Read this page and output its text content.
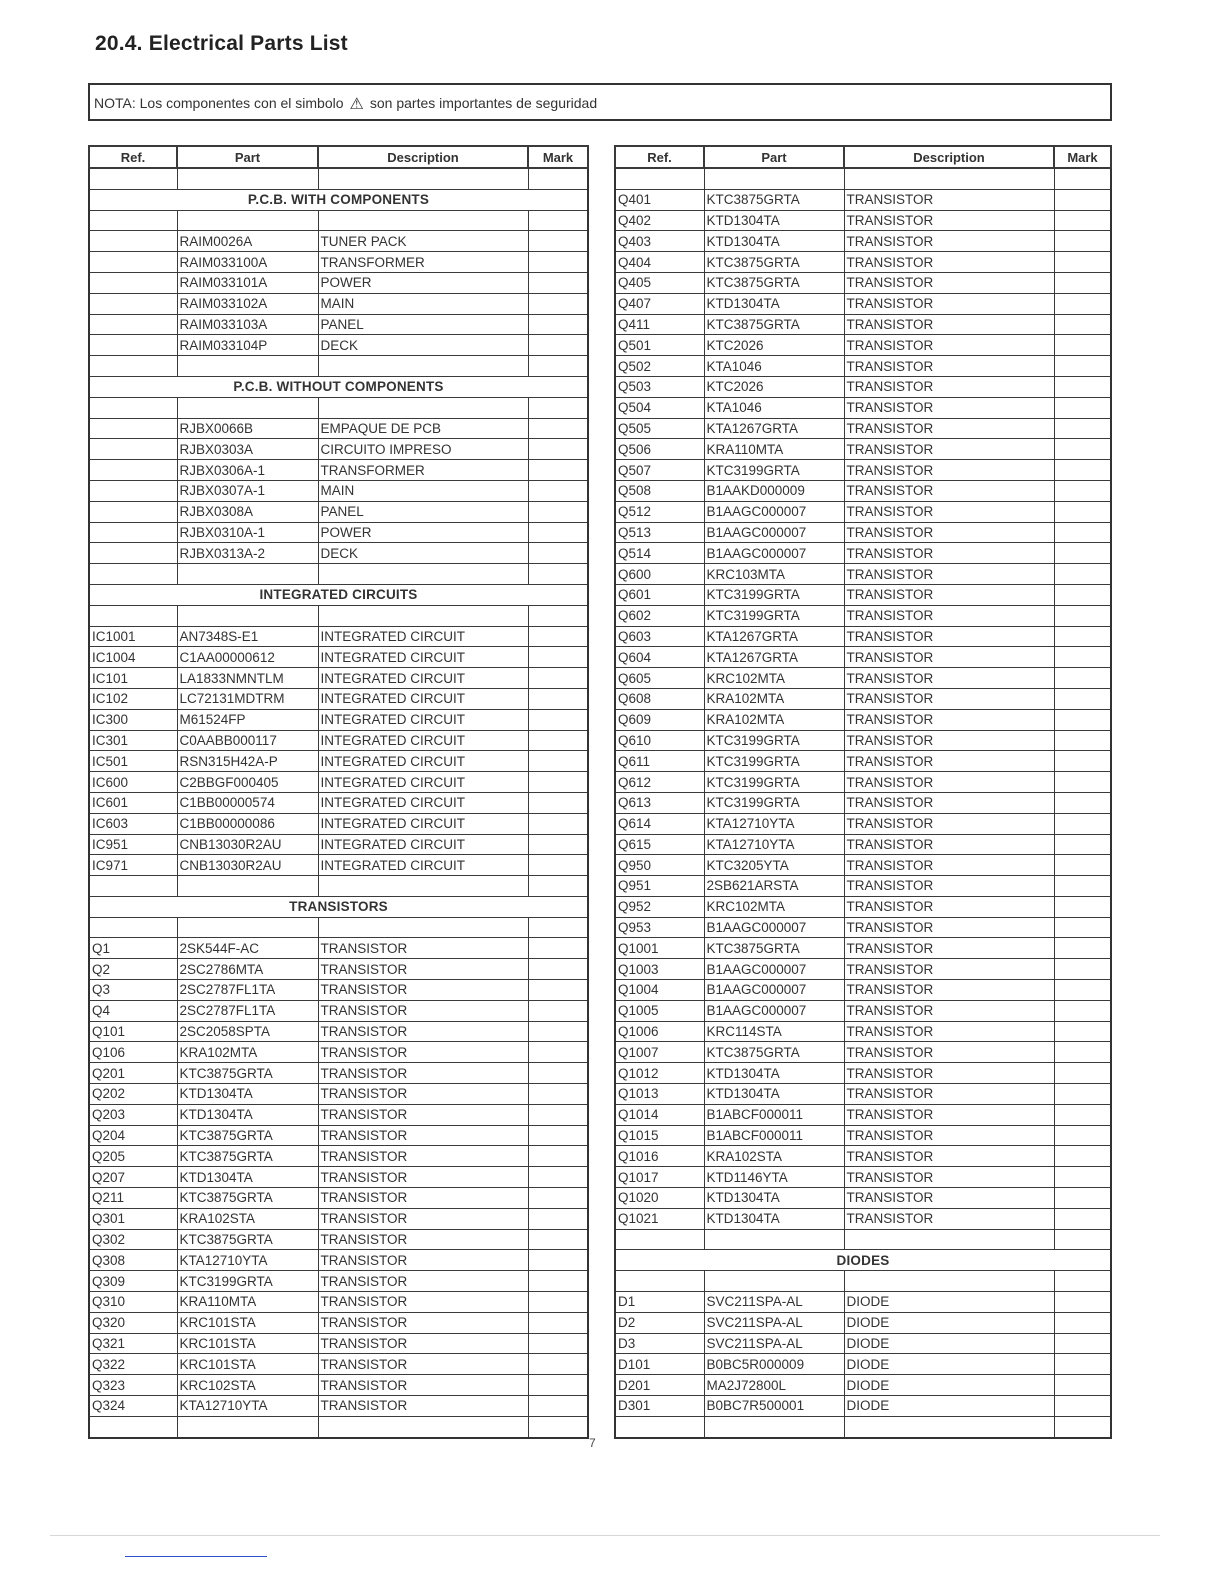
20.4. Electrical Parts List
NOTA: Los componentes con el simbolo ⚠ son partes importantes de seguridad
Ref.	Part	Description	Mark

P.C.B. WITH COMPONENTS			

	RAIM0026A	TUNER PACK	
	RAIM033100A	TRANSFORMER	
	RAIM033101A	POWER	
	RAIM033102A	MAIN	
	RAIM033103A	PANEL	
	RAIM033104P	DECK	

P.C.B. WITHOUT COMPONENTS			

	RJBX0066B	EMPAQUE DE PCB	
	RJBX0303A	CIRCUITO IMPRESO	
	RJBX0306A-1	TRANSFORMER	
	RJBX0307A-1	MAIN	
	RJBX0308A	PANEL	
	RJBX0310A-1	POWER	
	RJBX0313A-2	DECK	

INTEGRATED CIRCUITS			

IC1001	AN7348S-E1	INTEGRATED CIRCUIT	
IC1004	C1AA00000612	INTEGRATED CIRCUIT	
IC101	LA1833NMNTLM	INTEGRATED CIRCUIT	
IC102	LC72131MDTRM	INTEGRATED CIRCUIT	
IC300	M61524FP	INTEGRATED CIRCUIT	
IC301	C0AABB000117	INTEGRATED CIRCUIT	
IC501	RSN315H42A-P	INTEGRATED CIRCUIT	
IC600	C2BBGF000405	INTEGRATED CIRCUIT	
IC601	C1BB00000574	INTEGRATED CIRCUIT	
IC603	C1BB00000086	INTEGRATED CIRCUIT	
IC951	CNB13030R2AU	INTEGRATED CIRCUIT	
IC971	CNB13030R2AU	INTEGRATED CIRCUIT	

TRANSISTORS			

Q1	2SK544F-AC	TRANSISTOR	
Q2	2SC2786MTA	TRANSISTOR	
Q3	2SC2787FL1TA	TRANSISTOR	
Q4	2SC2787FL1TA	TRANSISTOR	
Q101	2SC2058SPTA	TRANSISTOR	
Q106	KRA102MTA	TRANSISTOR	
Q201	KTC3875GRTA	TRANSISTOR	
Q202	KTD1304TA	TRANSISTOR	
Q203	KTD1304TA	TRANSISTOR	
Q204	KTC3875GRTA	TRANSISTOR	
Q205	KTC3875GRTA	TRANSISTOR	
Q207	KTD1304TA	TRANSISTOR	
Q211	KTC3875GRTA	TRANSISTOR	
Q301	KRA102STA	TRANSISTOR	
Q302	KTC3875GRTA	TRANSISTOR	
Q308	KTA12710YTA	TRANSISTOR	
Q309	KTC3199GRTA	TRANSISTOR	
Q310	KRA110MTA	TRANSISTOR	
Q320	KRC101STA	TRANSISTOR	
Q321	KRC101STA	TRANSISTOR	
Q322	KRC101STA	TRANSISTOR	
Q323	KRC102STA	TRANSISTOR	
Q324	KTA12710YTA	TRANSISTOR	

Ref.	Part	Description	Mark

Q401	KTC3875GRTA	TRANSISTOR	
Q402	KTD1304TA	TRANSISTOR	
Q403	KTD1304TA	TRANSISTOR	
Q404	KTC3875GRTA	TRANSISTOR	
Q405	KTC3875GRTA	TRANSISTOR	
Q407	KTD1304TA	TRANSISTOR	
Q411	KTC3875GRTA	TRANSISTOR	
Q501	KTC2026	TRANSISTOR	
Q502	KTA1046	TRANSISTOR	
Q503	KTC2026	TRANSISTOR	
Q504	KTA1046	TRANSISTOR	
Q505	KTA1267GRTA	TRANSISTOR	
Q506	KRA110MTA	TRANSISTOR	
Q507	KTC3199GRTA	TRANSISTOR	
Q508	B1AAKD000009	TRANSISTOR	
Q512	B1AAGC000007	TRANSISTOR	
Q513	B1AAGC000007	TRANSISTOR	
Q514	B1AAGC000007	TRANSISTOR	
Q600	KRC103MTA	TRANSISTOR	
Q601	KTC3199GRTA	TRANSISTOR	
Q602	KTC3199GRTA	TRANSISTOR	
Q603	KTA1267GRTA	TRANSISTOR	
Q604	KTA1267GRTA	TRANSISTOR	
Q605	KRC102MTA	TRANSISTOR	
Q608	KRA102MTA	TRANSISTOR	
Q609	KRA102MTA	TRANSISTOR	
Q610	KTC3199GRTA	TRANSISTOR	
Q611	KTC3199GRTA	TRANSISTOR	
Q612	KTC3199GRTA	TRANSISTOR	
Q613	KTC3199GRTA	TRANSISTOR	
Q614	KTA12710YTA	TRANSISTOR	
Q615	KTA12710YTA	TRANSISTOR	
Q950	KTC3205YTA	TRANSISTOR	
Q951	2SB621ARSTA	TRANSISTOR	
Q952	KRC102MTA	TRANSISTOR	
Q953	B1AAGC000007	TRANSISTOR	
Q1001	KTC3875GRTA	TRANSISTOR	
Q1003	B1AAGC000007	TRANSISTOR	
Q1004	B1AAGC000007	TRANSISTOR	
Q1005	B1AAGC000007	TRANSISTOR	
Q1006	KRC114STA	TRANSISTOR	
Q1007	KTC3875GRTA	TRANSISTOR	
Q1012	KTD1304TA	TRANSISTOR	
Q1013	KTD1304TA	TRANSISTOR	
Q1014	B1ABCF000011	TRANSISTOR	
Q1015	B1ABCF000011	TRANSISTOR	
Q1016	KRA102STA	TRANSISTOR	
Q1017	KTD1146YTA	TRANSISTOR	
Q1020	KTD1304TA	TRANSISTOR	
Q1021	KTD1304TA	TRANSISTOR	

DIODES			

D1	SVC211SPA-AL	DIODE	
D2	SVC211SPA-AL	DIODE	
D3	SVC211SPA-AL	DIODE	
D101	B0BC5R000009	DIODE	
D201	MA2J72800L	DIODE	
D301	B0BC7R500001	DIODE	

7
